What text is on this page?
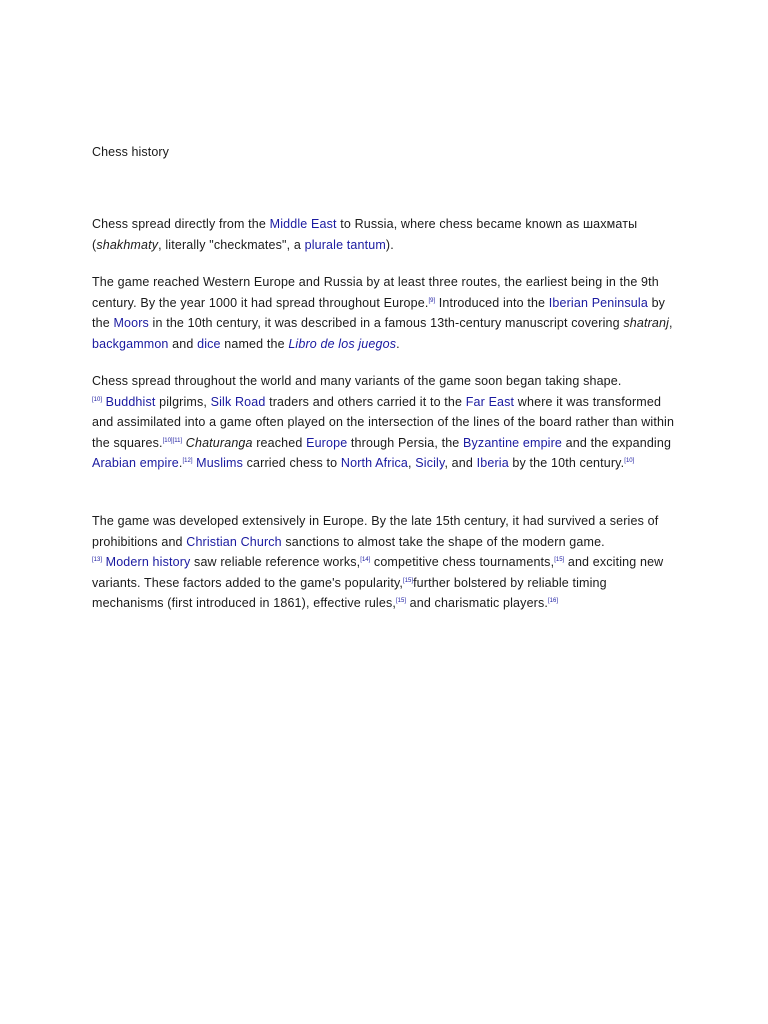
Chess history

Chess spread directly from the Middle East to Russia, where chess became known as шахматы (shakhmaty, literally "checkmates", a plurale tantum).

The game reached Western Europe and Russia by at least three routes, the earliest being in the 9th century. By the year 1000 it had spread throughout Europe.[9] Introduced into the Iberian Peninsula by the Moors in the 10th century, it was described in a famous 13th-century manuscript covering shatranj, backgammon and dice named the Libro de los juegos.

Chess spread throughout the world and many variants of the game soon began taking shape.
[10] Buddhist pilgrims, Silk Road traders and others carried it to the Far East where it was transformed and assimilated into a game often played on the intersection of the lines of the board rather than within the squares.[10][11] Chaturanga reached Europe through Persia, the Byzantine empire and the expanding Arabian empire.[12] Muslims carried chess to North Africa, Sicily, and Iberia by the 10th century.[10]

The game was developed extensively in Europe. By the late 15th century, it had survived a series of prohibitions and Christian Church sanctions to almost take the shape of the modern game.
[13] Modern history saw reliable reference works,[14] competitive chess tournaments,[15] and exciting new variants. These factors added to the game's popularity,[15]further bolstered by reliable timing mechanisms (first introduced in 1861), effective rules,[15] and charismatic players.[16]
